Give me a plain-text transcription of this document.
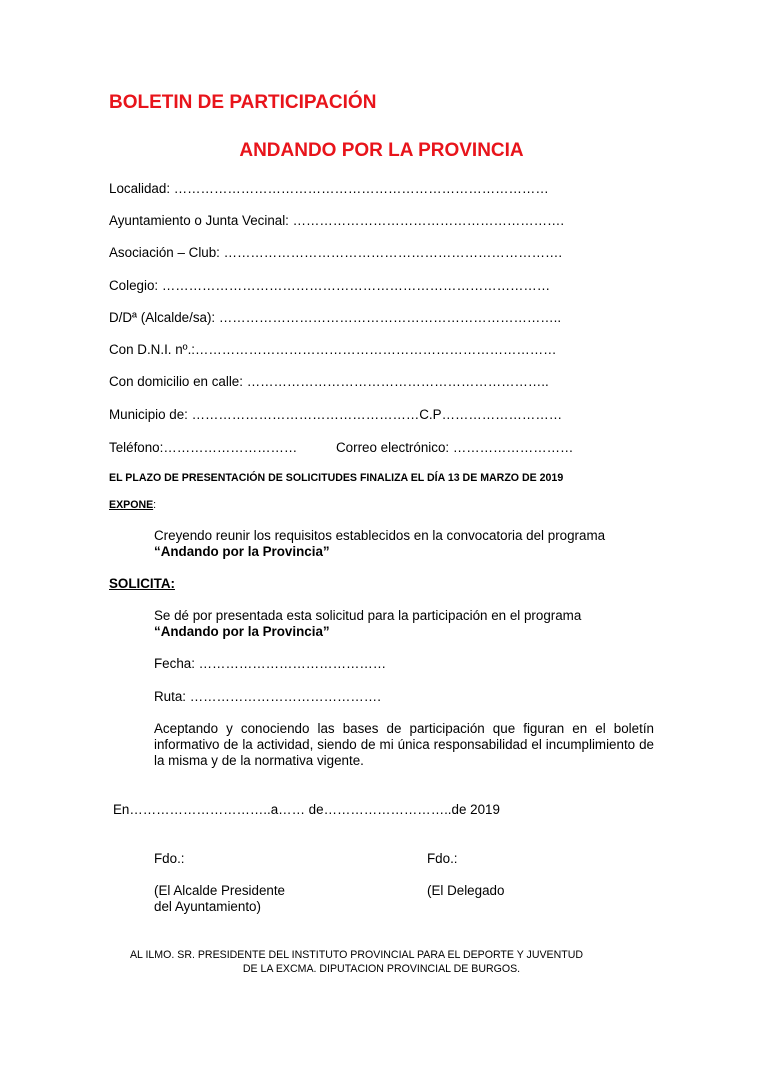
BOLETIN DE PARTICIPACIÓN
ANDANDO POR LA PROVINCIA
Localidad: …………………………………………………………………………
Ayuntamiento o Junta Vecinal: …………………………………………………….
Asociación – Club: ………………………………………………………………….
Colegio: ……………………………………………………………………………
D/Dª (Alcalde/sa): …………………………………………………………………..
Con D.N.I. nº.:………………………………………………………………………
Con domicilio en calle: …………………………………………………………..
Municipio de: ……………………………………………C.P………………………
Teléfono:…………………………	Correo electrónico: ………………………
EL PLAZO DE PRESENTACIÓN DE SOLICITUDES FINALIZA EL DÍA 13 DE MARZO DE 2019
EXPONE:
Creyendo reunir los requisitos establecidos en la convocatoria del programa
“Andando por la Provincia”
SOLICITA:
Se dé por presentada esta solicitud para la participación en el programa
“Andando por la Provincia”
Fecha: ……………………………………
Ruta: …………………………………….
Aceptando y conociendo las bases de participación que figuran en el boletín informativo de la actividad, siendo de mi única responsabilidad el incumplimiento de la misma y de la normativa vigente.
En…………………………..a…… de………………………..de 2019
Fdo.:
(El Alcalde Presidente
del Ayuntamiento)
Fdo.:
(El Delegado
AL ILMO. SR. PRESIDENTE DEL INSTITUTO PROVINCIAL PARA EL DEPORTE Y JUVENTUD
DE LA EXCMA. DIPUTACION PROVINCIAL DE BURGOS.
